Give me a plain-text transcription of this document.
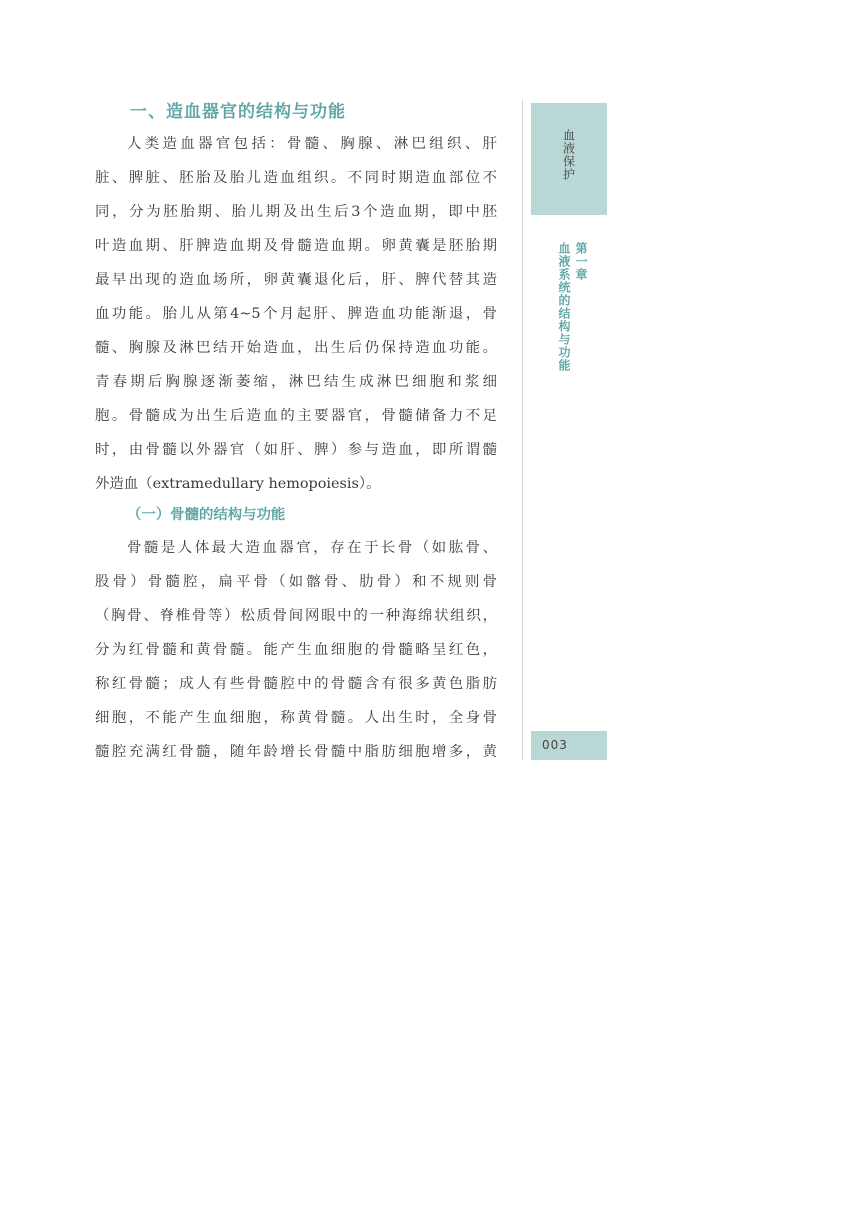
一、造血器官的结构与功能
人类造血器官包括：骨髓、胸腺、淋巴组织、肝
脏、脾脏、胚胎及胎儿造血组织。不同时期造血部位不
同，分为胚胎期、胎儿期及出生后3个造血期，即中胚
叶造血期、肝脾造血期及骨髓造血期。卵黄囊是胚胎期
最早出现的造血场所，卵黄囊退化后，肝、脾代替其造
血功能。胎儿从第4~5个月起肝、脾造血功能渐退，骨
髓、胸腺及淋巴结开始造血，出生后仍保持造血功能。
青春期后胸腺逐渐萎缩，淋巴结生成淋巴细胞和浆细
胞。骨髓成为出生后造血的主要器官，骨髓储备力不足
时，由骨髓以外器官（如肝、脾）参与造血，即所谓髓
外造血（extramedullary hemopoiesis）。
（一）骨髓的结构与功能
骨髓是人体最大造血器官，存在于长骨（如肱骨、
股骨）骨髓腔，扁平骨（如髂骨、肋骨）和不规则骨
（胸骨、脊椎骨等）松质骨间网眼中的一种海绵状组织，
分为红骨髓和黄骨髓。能产生血细胞的骨髓略呈红色，
称红骨髓；成人有些骨髓腔中的骨髓含有很多黄色脂肪
细胞，不能产生血细胞，称黄骨髓。人出生时，全身骨
髓腔充满红骨髓，随年龄增长骨髓中脂肪细胞增多，黄
血液保护
第一章
血液系统的结构与功能
003
